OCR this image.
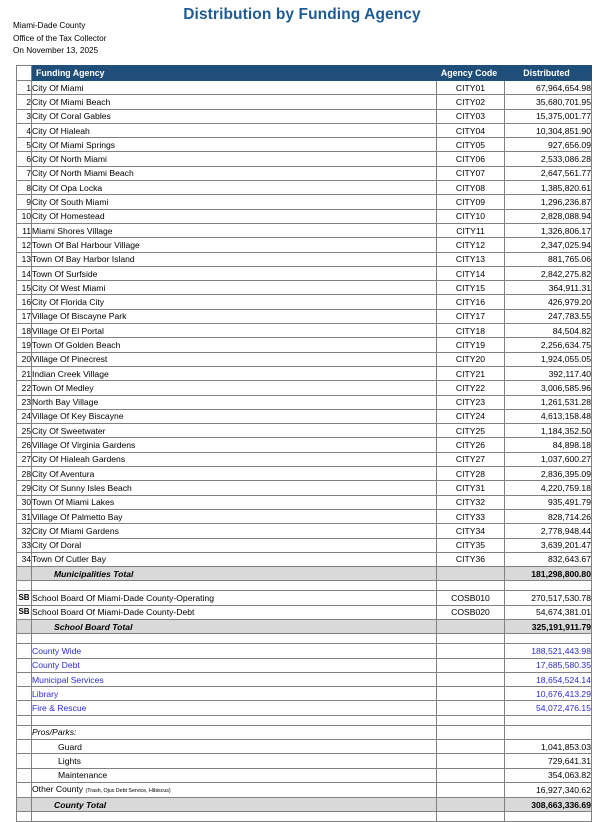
Distribution by Funding Agency
Miami-Dade County
Office of the Tax Collector
On November 13, 2025
	Funding Agency	Agency Code	Distributed
1	City Of Miami	CITY01	67,964,654.98
2	City Of Miami Beach	CITY02	35,680,701.95
3	City Of Coral Gables	CITY03	15,375,001.77
4	City Of Hialeah	CITY04	10,304,851.90
5	City Of Miami Springs	CITY05	927,656.09
6	City Of North Miami	CITY06	2,533,086.28
7	City Of North Miami Beach	CITY07	2,647,561.77
8	City Of Opa Locka	CITY08	1,385,820.61
9	City Of South Miami	CITY09	1,296,236.87
10	City Of Homestead	CITY10	2,828,088.94
11	Miami Shores Village	CITY11	1,326,806.17
12	Town Of Bal Harbour Village	CITY12	2,347,025.94
13	Town Of Bay Harbor Island	CITY13	881,765.06
14	Town Of Surfside	CITY14	2,842,275.82
15	City Of West Miami	CITY15	364,911.31
16	City Of Florida City	CITY16	426,979.20
17	Village Of Biscayne Park	CITY17	247,783.55
18	Village Of El Portal	CITY18	84,504.82
19	Town Of Golden Beach	CITY19	2,256,634.75
20	Village Of Pinecrest	CITY20	1,924,055.05
21	Indian Creek Village	CITY21	392,117.40
22	Town Of Medley	CITY22	3,006,585.96
23	North Bay Village	CITY23	1,261,531.28
24	Village Of Key Biscayne	CITY24	4,613,158.48
25	City Of Sweetwater	CITY25	1,184,352.50
26	Village Of Virginia Gardens	CITY26	84,898.18
27	City Of Hialeah Gardens	CITY27	1,037,600.27
28	City Of Aventura	CITY28	2,836,395.09
29	City Of Sunny Isles Beach	CITY31	4,220,759.18
30	Town Of Miami Lakes	CITY32	935,491.79
31	Village Of Palmetto Bay	CITY33	828,714.26
32	City Of Miami Gardens	CITY34	2,778,948.44
33	City Of Doral	CITY35	3,639,201.47
34	Town Of Cutler Bay	CITY36	832,643.67
	Municipalities Total		181,298,800.80

SB	School Board Of Miami-Dade County-Operating	COSB010	270,517,530.78
SB	School Board Of Miami-Dade County-Debt	COSB020	54,674,381.01
	School Board Total		325,191,911.79

	County Wide		188,521,443.98
	County Debt		17,685,580.35
	Municipal Services		18,654,524.14
	Library		10,676,413.29
	Fire & Rescue		54,072,476.15

	Pros/Parks:		
	Guard		1,041,853.03
	Lights		729,641.31
	Maintenance		354,063.82
	Other County (Trash, Ojus Debt Service, Hibiscus)		16,927,340.62
	County Total		308,663,336.69
